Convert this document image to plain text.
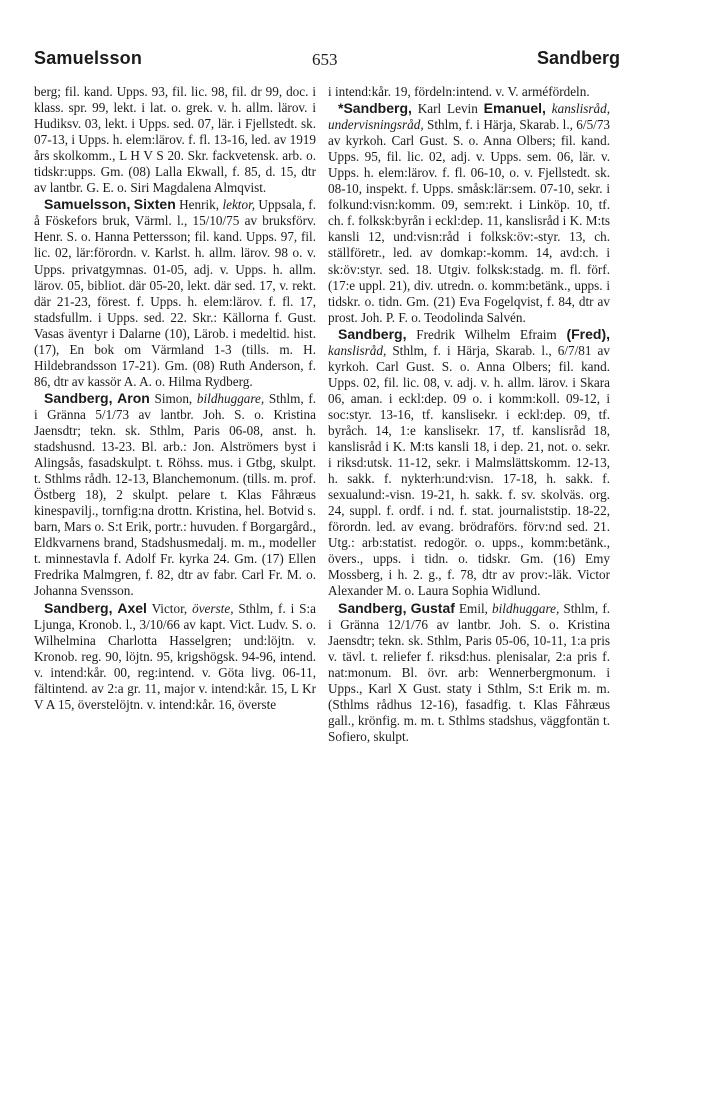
Samuelsson	653	Sandberg

berg; fil. kand. Upps. 93, fil. lic. 98, fil. dr 99, doc. i klass. spr. 99, lekt. i lat. o. grek. v. h. allm. lärov. i Hudiksv. 03, lekt. i Upps. sed. 07, lär. i Fjellstedt. sk. 07-13, i Upps. h. elem:lärov. f. fl. 13-16, led. av 1919 års skolkomm., L H V S 20. Skr. fackvetensk. arb. o. tidskr:upps. Gm. (08) Lalla Ekwall, f. 85, d. 15, dtr av lantbr. G. E. o. Siri Magdalena Almqvist.

Samuelsson, Sixten Henrik, lektor, Uppsala, f. å Föskefors bruk, Värml. l., 15/10/75 av bruksförv. Henr. S. o. Hanna Pettersson; fil. kand. Upps. 97, fil. lic. 02, lär:förordn. v. Karlst. h. allm. lärov. 98 o. v. Upps. privatgymnas. 01-05, adj. v. Upps. h. allm. lärov. 05, bibliot. där 05-20, lekt. där sed. 17, v. rekt. där 21-23, förest. f. Upps. h. elem:lärov. f. fl. 17, stadsfullm. i Upps. sed. 22. Skr.: Källorna f. Gust. Vasas äventyr i Dalarne (10), Lärob. i medeltid. hist. (17), En bok om Värmland 1-3 (tills. m. H. Hildebrandsson 17-21). Gm. (08) Ruth Anderson, f. 86, dtr av kassör A. A. o. Hilma Rydberg.

Sandberg, Aron Simon, bildhuggare, Sthlm, f. i Gränna 5/1/73 av lantbr. Joh. S. o. Kristina Jaensdtr; tekn. sk. Sthlm, Paris 06-08, anst. h. stadshusnd. 13-23. Bl. arb.: Jon. Alströmers byst i Alingsås, fasadskulpt. t. Röhss. mus. i Gtbg, skulpt. t. Sthlms rådh. 12-13, Blanchemonum. (tills. m. prof. Östberg 18), 2 skulpt. pelare t. Klas Fåhræus kinespavilj., tornfig:na drottn. Kristina, hel. Botvid s. barn, Mars o. S:t Erik, portr.: huvuden. f Borgargård., Eldkvarnens brand, Stadshusmedalj. m. m., modeller t. minnestavla f. Adolf Fr. kyrka 24. Gm. (17) Ellen Fredrika Malmgren, f. 82, dtr av fabr. Carl Fr. M. o. Johanna Svensson.

Sandberg, Axel Victor, överste, Sthlm, f. i S:a Ljunga, Kronob. l., 3/10/66 av kapt. Vict. Ludv. S. o. Wilhelmina Charlotta Hasselgren; und:löjtn. v. Kronob. reg. 90, löjtn. 95, krigshögsk. 94-96, intend. v. intend:kår. 00, reg:intend. v. Göta livg. 06-11, fältintend. av 2:a gr. 11, major v. intend:kår. 15, L Kr V A 15, överstelöjtn. v. intend:kår. 16, överste

i intend:kår. 19, fördeln:intend. v. V. arméfördeln.

*Sandberg, Karl Levin Emanuel, kanslisråd, undervisningsråd, Sthlm, f. i Härja, Skarab. l., 6/5/73 av kyrkoh. Carl Gust. S. o. Anna Olbers; fil. kand. Upps. 95, fil. lic. 02, adj. v. Upps. sem. 06, lär. v. Upps. h. elem:lärov. f. fl. 06-10, o. v. Fjellstedt. sk. 08-10, inspekt. f. Upps. småsk:lär:sem. 07-10, sekr. i folkund:visn:komm. 09, sem:rekt. i Linköp. 10, tf. ch. f. folksk:byrån i eckl:dep. 11, kanslisråd i K. M:ts kansli 12, und:visn:råd i folksk:öv:-styr. 13, ch. ställföretr., led. av domkap:-komm. 14, avd:ch. i sk:öv:styr. sed. 18. Utgiv. folksk:stadg. m. fl. förf. (17:e uppl. 21), div. utredn. o. komm:betänk., upps. i tidskr. o. tidn. Gm. (21) Eva Fogelqvist, f. 84, dtr av prost. Joh. P. F. o. Teodolinda Salvén.

Sandberg, Fredrik Wilhelm Efraim (Fred), kanslisråd, Sthlm, f. i Härja, Skarab. l., 6/7/81 av kyrkoh. Carl Gust. S. o. Anna Olbers; fil. kand. Upps. 02, fil. lic. 08, v. adj. v. h. allm. lärov. i Skara 06, aman. i eckl:dep. 09 o. i komm:koll. 09-12, i soc:styr. 13-16, tf. kanslisekr. i eckl:dep. 09, tf. byråch. 14, 1:e kanslisekr. 17, tf. kanslisråd 18, kanslisråd i K. M:ts kansli 18, i dep. 21, not. o. sekr. i riksd:utsk. 11-12, sekr. i Malmslättskomm. 12-13, h. sakk. f. nykterh:und:visn. 17-18, h. sakk. f. sexualund:-visn. 19-21, h. sakk. f. sv. skolväs. org. 24, suppl. f. ordf. i nd. f. stat. journaliststip. 18-22, förordn. led. av evang. brödraförs. förv:nd sed. 21. Utg.: arb:statist. redogör. o. upps., komm:betänk., övers., upps. i tidn. o. tidskr. Gm. (16) Emy Mossberg, i h. 2. g., f. 78, dtr av prov:-läk. Victor Alexander M. o. Laura Sophia Widlund.

Sandberg, Gustaf Emil, bildhuggare, Sthlm, f. i Gränna 12/1/76 av lantbr. Joh. S. o. Kristina Jaensdtr; tekn. sk. Sthlm, Paris 05-06, 10-11, 1:a pris v. tävl. t. reliefer f. riksd:hus. plenisalar, 2:a pris f. nat:monum. Bl. övr. arb: Wennerbergmonum. i Upps., Karl X Gust. staty i Sthlm, S:t Erik m. m. (Sthlms rådhus 12-16), fasadfig. t. Klas Fåhræus gall., krönfig. m. m. t. Sthlms stadshus, väggfontän t. Sofiero, skulpt.
